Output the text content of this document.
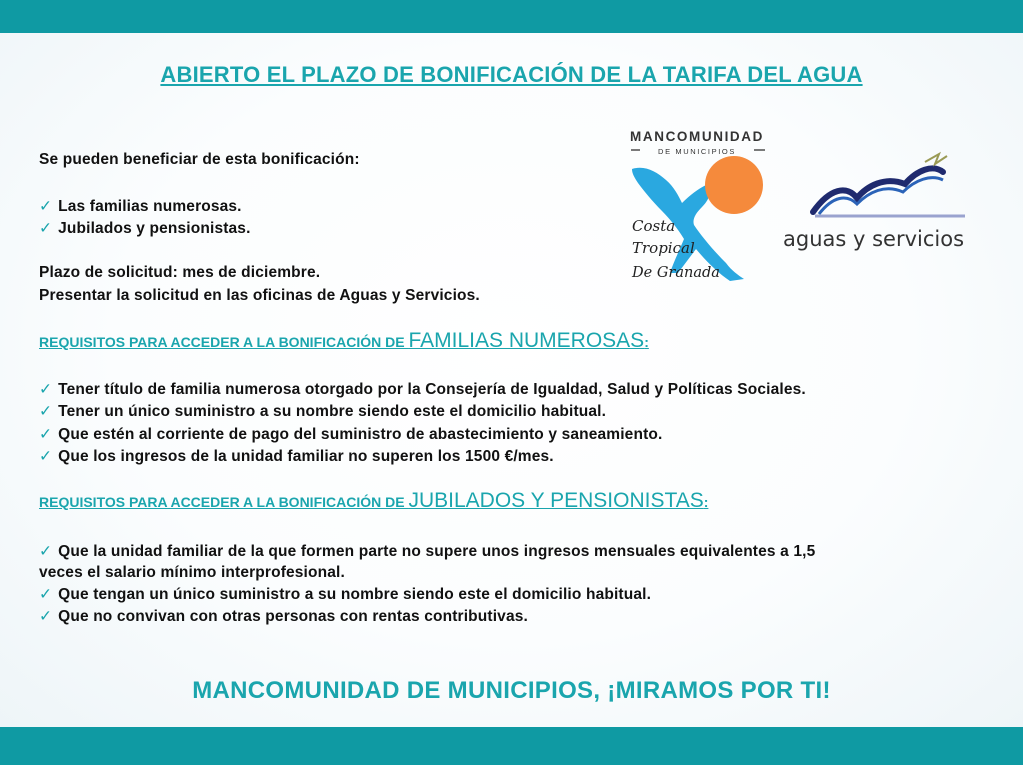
ABIERTO EL PLAZO DE BONIFICACIÓN DE LA TARIFA DEL AGUA
Se pueden beneficiar de esta bonificación:
✓ Las familias numerosas.
✓ Jubilados y pensionistas.
Plazo de solicitud: mes de diciembre.
Presentar la solicitud en las oficinas de Aguas y Servicios.
REQUISITOS PARA ACCEDER A LA BONIFICACIÓN DE FAMILIAS NUMEROSAS:
✓ Tener título de familia numerosa otorgado por la Consejería de Igualdad, Salud y Políticas Sociales.
✓ Tener un único suministro a su nombre siendo este el domicilio habitual.
✓ Que estén al corriente de pago del suministro de abastecimiento y saneamiento.
✓ Que los ingresos de la unidad familiar no superen los 1500 €/mes.
REQUISITOS PARA ACCEDER A LA BONIFICACIÓN DE JUBILADOS Y PENSIONISTAS:
✓ Que la unidad familiar de la que formen parte no supere unos ingresos mensuales equivalentes a 1,5
veces el salario mínimo interprofesional.
✓ Que tengan un único suministro a su nombre siendo este el domicilio habitual.
✓ Que no convivan con otras personas con rentas contributivas.
MANCOMUNIDAD
DE MUNICIPIOS
Costa
Tropical
De Granada
aguas y servicios
MANCOMUNIDAD DE MUNICIPIOS, ¡MIRAMOS POR TI!
